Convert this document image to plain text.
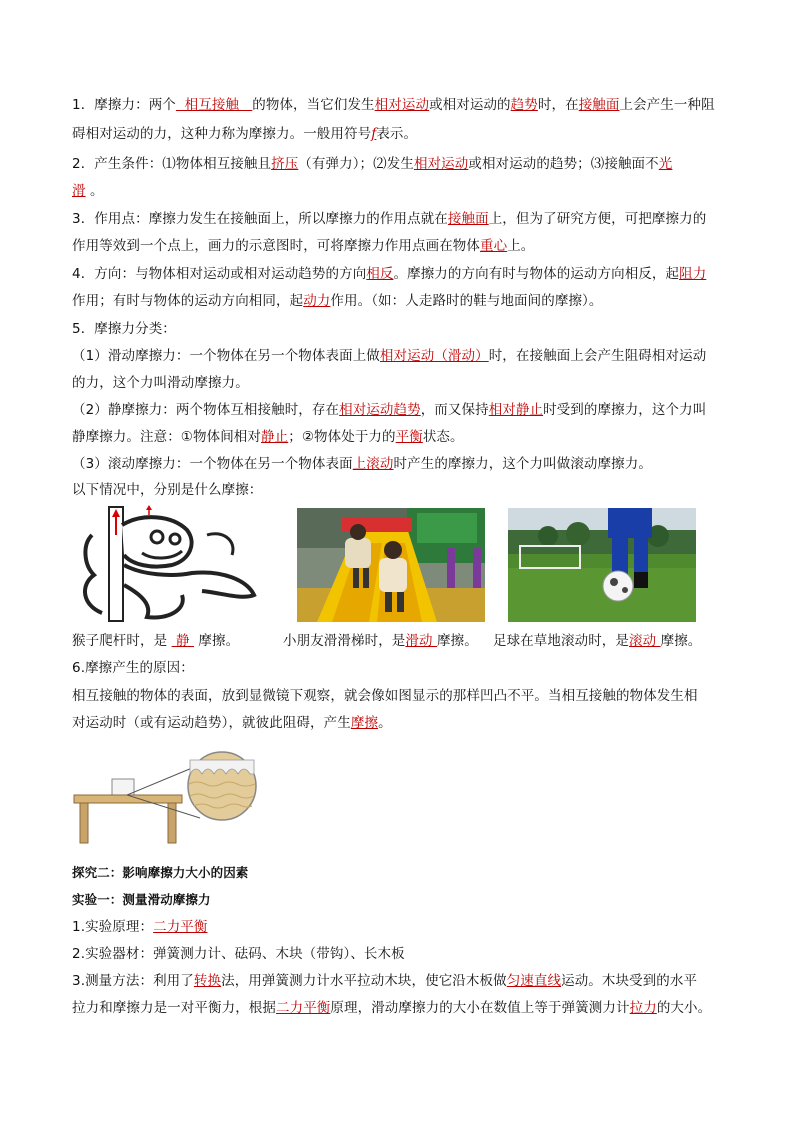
1．摩擦力：两个  相互接触   的物体，当它们发生相对运动或相对运动的趋势时，在接触面上会产生一种阻
碍相对运动的力，这种力称为摩擦力。一般用符号f表示。
2．产生条件：⑴物体相互接触且挤压（有弹力）；⑵发生相对运动或相对运动的趋势；⑶接触面不光
滑 。
3．作用点：摩擦力发生在接触面上，所以摩擦力的作用点就在接触面上，但为了研究方便，可把摩擦力的
作用等效到一个点上，画力的示意图时，可将摩擦力作用点画在物体重心上。
4．方向：与物体相对运动或相对运动趋势的方向相反。摩擦力的方向有时与物体的运动方向相反，起阻力
作用；有时与物体的运动方向相同，起动力作用。（如：人走路时的鞋与地面间的摩擦）。
5．摩擦力分类：
（1）滑动摩擦力：一个物体在另一个物体表面上做相对运动（滑动）时，在接触面上会产生阻碍相对运动
的力，这个力叫滑动摩擦力。
（2）静摩擦力：两个物体互相接触时，存在相对运动趋势，而又保持相对静止时受到的摩擦力，这个力叫
静摩擦力。注意：①物体间相对静止；②物体处于力的平衡状态。
（3）滚动摩擦力：一个物体在另一个物体表面上滚动时产生的摩擦力，这个力叫做滚动摩擦力。
以下情况中，分别是什么摩擦：
猴子爬杆时，是  静  摩擦。	小朋友滑滑梯时，是滑动 摩擦。 足球在草地滚动时，是滚动 摩擦。
6.摩擦产生的原因：
相互接触的物体的表面，放到显微镜下观察，就会像如图显示的那样凹凸不平。当相互接触的物体发生相
对运动时（或有运动趋势），就彼此阻碍，产生摩擦。
探究二：影响摩擦力大小的因素
实验一：测量滑动摩擦力
1.实验原理：二力平衡
2.实验器材：弹簧测力计、砝码、木块（带钩）、长木板
3.测量方法：利用了转换法，用弹簧测力计水平拉动木块，使它沿木板做匀速直线运动。木块受到的水平
拉力和摩擦力是一对平衡力，根据二力平衡原理，滑动摩擦力的大小在数值上等于弹簧测力计拉力的大小。
